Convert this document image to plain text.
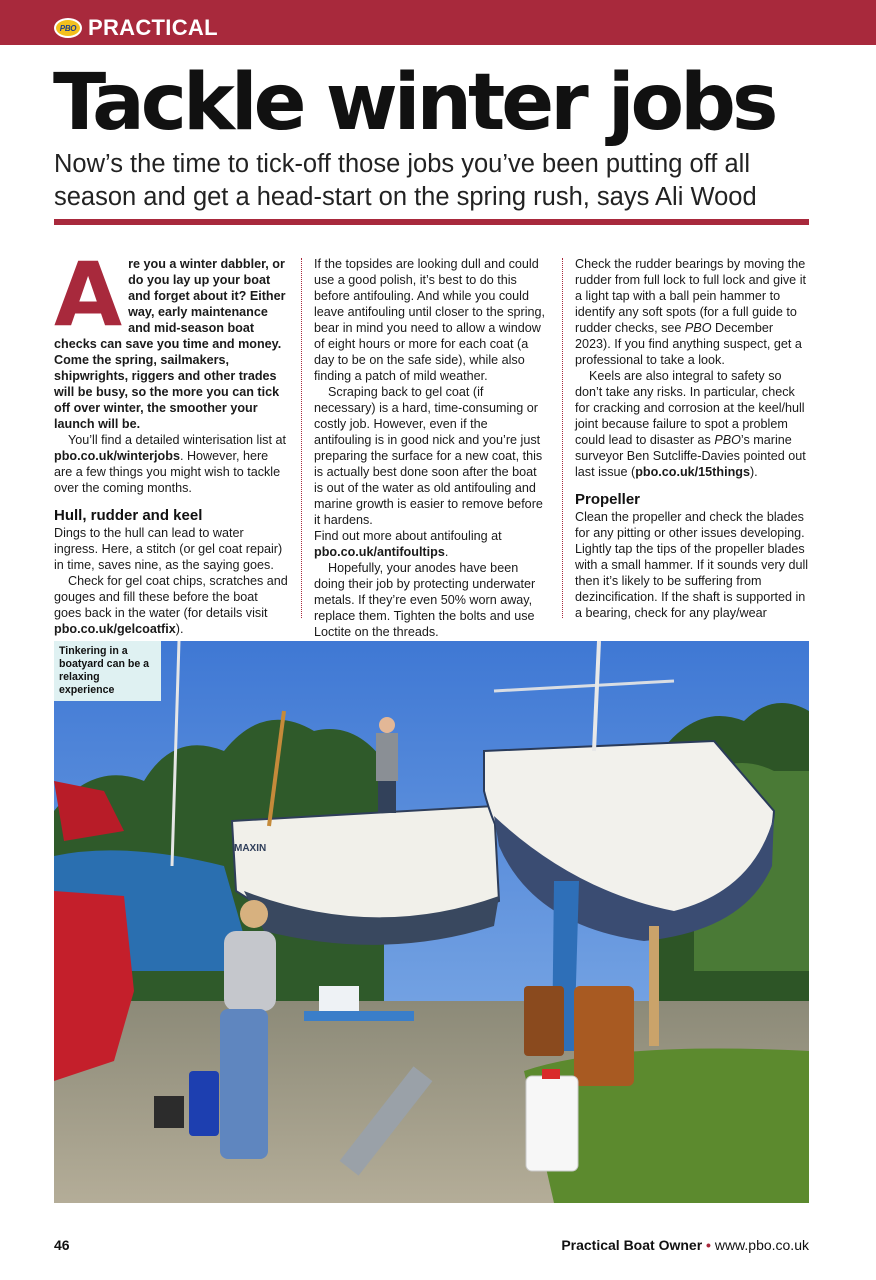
PBO PRACTICAL
Tackle winter jobs
Now’s the time to tick-off those jobs you’ve been putting off all season and get a head-start on the spring rush, says Ali Wood

Are you a winter dabbler, or do you lay up your boat and forget about it? Either way, early maintenance and mid-season boat checks can save you time and money. Come the spring, sailmakers, shipwrights, riggers and other trades will be busy, so the more you can tick off over winter, the smoother your launch will be.

You’ll find a detailed winterisation list at pbo.co.uk/winterjobs. However, here are a few things you might wish to tackle over the coming months.

Hull, rudder and keel

Dings to the hull can lead to water ingress. Here, a stitch (or gel coat repair) in time, saves nine, as the saying goes.

Check for gel coat chips, scratches and gouges and fill these before the boat goes back in the water (for details visit pbo.co.uk/gelcoatfix).

If the topsides are looking dull and could use a good polish, it’s best to do this before antifouling. And while you could leave antifouling until closer to the spring, bear in mind you need to allow a window of eight hours or more for each coat (a day to be on the safe side), while also finding a patch of mild weather.

Scraping back to gel coat (if necessary) is a hard, time-consuming or costly job. However, even if the antifouling is in good nick and you’re just preparing the surface for a new coat, this is actually best done soon after the boat is out of the water as old antifouling and marine growth is easier to remove before it hardens.

Find out more about antifouling at
pbo.co.uk/antifoultips.

Hopefully, your anodes have been doing their job by protecting underwater metals. If they’re even 50% worn away, replace them. Tighten the bolts and use Loctite on the threads.

Check the rudder bearings by moving the rudder from full lock to full lock and give it a light tap with a ball pein hammer to identify any soft spots (for a full guide to rudder checks, see PBO December 2023). If you find anything suspect, get a professional to take a look.

Keels are also integral to safety so don’t take any risks. In particular, check for cracking and corrosion at the keel/hull joint because failure to spot a problem could lead to disaster as PBO’s marine surveyor Ben Sutcliffe-Davies pointed out last issue (pbo.co.uk/15things).

Propeller

Clean the propeller and check the blades for any pitting or other issues developing. Lightly tap the tips of the propeller blades with a small hammer. If it sounds very dull then it’s likely to be suffering from dezincification. If the shaft is supported in a bearing, check for any play/wear

MAXIN
Tinkering in a boatyard can be a relaxing experience
46	Practical Boat Owner • www.pbo.co.uk
